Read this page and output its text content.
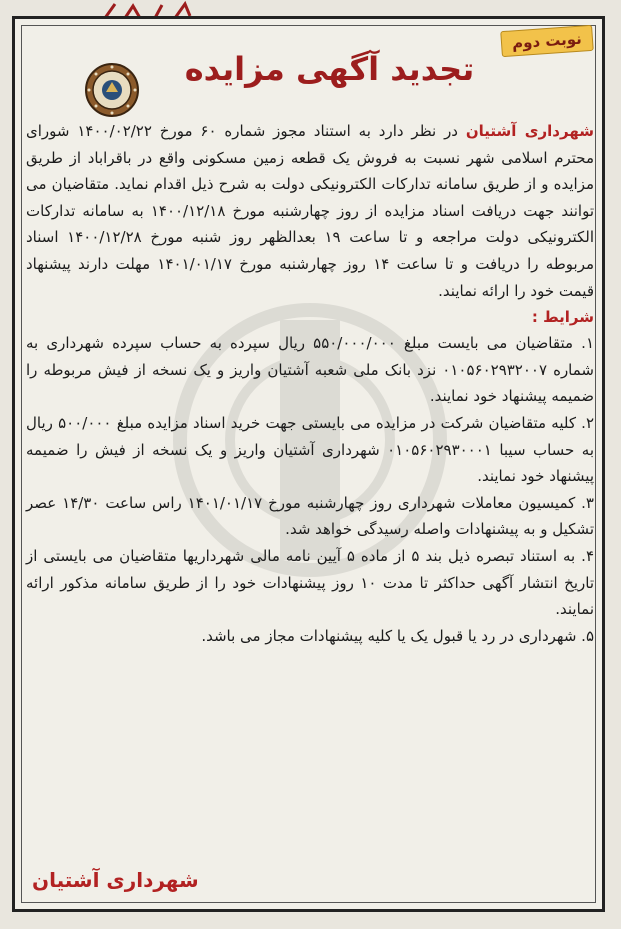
نوبت دوم
تجدید آگهی مزایده

شهرداری آشتیان در نظر دارد به استناد مجوز شماره ۶۰ مورخ ۱۴۰۰/۰۲/۲۲ شورای محترم اسلامی شهر نسبت به فروش یک قطعه زمین مسکونی واقع در باقراباد از طریق مزایده و از طریق سامانه تدارکات الکترونیکی دولت به شرح ذیل اقدام نماید. متقاضیان می توانند جهت دریافت اسناد مزایده از روز چهارشنبه مورخ ۱۴۰۰/۱۲/۱۸ به سامانه تدارکات الکترونیکی دولت مراجعه و تا ساعت ۱۹ بعدالظهر روز شنبه مورخ ۱۴۰۰/۱۲/۲۸ اسناد مربوطه را دریافت و تا ساعت ۱۴ روز چهارشنبه مورخ ۱۴۰۱/۰۱/۱۷ مهلت دارند پیشنهاد قیمت خود را ارائه نمایند.

شرایط :

۱. متقاضیان می بایست مبلغ ۵۵۰/۰۰۰/۰۰۰ ریال سپرده به حساب سپرده شهرداری به شماره ۰۱۰۵۶۰۲۹۳۲۰۰۷ نزد بانک ملی شعبه آشتیان واریز و یک نسخه از فیش مربوطه را ضمیمه پیشنهاد خود نمایند.

۲. کلیه متقاضیان شرکت در مزایده می بایستی جهت خرید اسناد مزایده مبلغ ۵۰۰/۰۰۰ ریال به حساب سیبا ۰۱۰۵۶۰۲۹۳۰۰۰۱ شهرداری آشتیان واریز و یک نسخه از فیش را ضمیمه پیشنهاد خود نمایند.

۳. کمیسیون معاملات شهرداری روز چهارشنبه مورخ ۱۴۰۱/۰۱/۱۷ راس ساعت ۱۴/۳۰ عصر تشکیل و به پیشنهادات واصله رسیدگی خواهد شد.

۴. به استناد تبصره ذیل بند ۵ از ماده ۵ آیین نامه مالی شهرداریها متقاضیان می بایستی از تاریخ انتشار آگهی حداکثر تا مدت ۱۰ روز پیشنهادات خود را از طریق سامانه مذکور ارائه نمایند.

۵. شهرداری در رد یا قبول یک یا کلیه پیشنهادات مجاز می باشد.

شهرداری آشتیان
